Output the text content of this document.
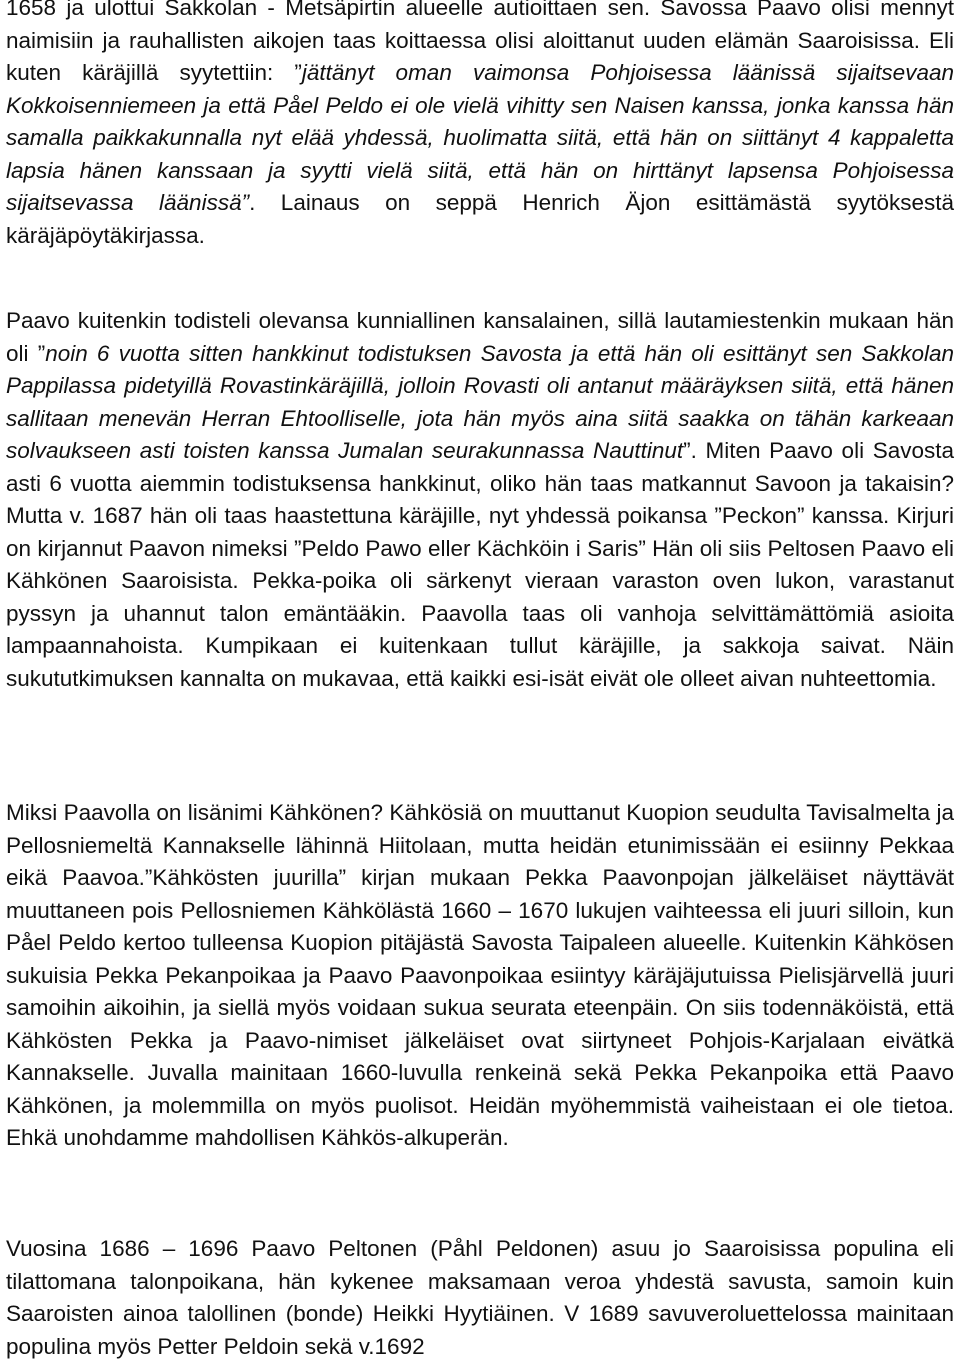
1658 ja ulottui Sakkolan - Metsäpirtin alueelle autioittaen sen. Savossa Paavo olisi mennyt naimisiin ja rauhallisten aikojen taas koittaessa olisi aloittanut uuden elämän Saaroisissa. Eli kuten käräjillä syytettiin: ”jättänyt oman vaimonsa Pohjoisessa läänissä sijaitsevaan Kokkoisenniemeen ja että Påel Peldo ei ole vielä vihitty sen Naisen kanssa, jonka kanssa hän samalla paikkakunnalla nyt elää yhdessä, huolimatta siitä, että hän on siittänyt 4 kappaletta lapsia hänen kanssaan ja syytti vielä siitä, että hän on hirttänyt lapsensa Pohjoisessa sijaitsevassa läänissä”. Lainaus on seppä Henrich Äjon esittämästä syytöksestä käräjäpöytäkirjassa.

Paavo kuitenkin todisteli olevansa kunniallinen kansalainen, sillä lautamiestenkin mukaan hän oli ”noin 6 vuotta sitten hankkinut todistuksen Savosta ja että hän oli esittänyt sen Sakkolan Pappilassa pidetyillä Rovastinkäräjillä, jolloin Rovasti oli antanut määräyksen siitä, että hänen sallitaan menevän Herran Ehtoolliselle, jota hän myös aina siitä saakka on tähän karkeaan solvaukseen asti toisten kanssa Jumalan seurakunnassa Nauttinut”. Miten Paavo oli Savosta asti 6 vuotta aiemmin todistuksensa hankkinut, oliko hän taas matkannut Savoon ja takaisin? Mutta v. 1687 hän oli taas haastettuna käräjille, nyt yhdessä poikansa ”Peckon” kanssa. Kirjuri on kirjannut Paavon nimeksi ”Peldo Pawo eller Kächköin i Saris” Hän oli siis Peltosen Paavo eli Kähkönen Saaroisista. Pekka-poika oli särkenyt vieraan varaston oven lukon, varastanut pyssyn ja uhannut talon emäntääkin. Paavolla taas oli vanhoja selvittämättömiä asioita lampaannahoista. Kumpikaan ei kuitenkaan tullut käräjille, ja sakkoja saivat. Näin sukututkimuksen kannalta on mukavaa, että kaikki esi-isät eivät ole olleet aivan nuhteettomia.

Miksi Paavolla on lisänimi Kähkönen? Kähkösiä on muuttanut Kuopion seudulta Tavisalmelta ja Pellosniemeltä Kannakselle lähinnä Hiitolaan, mutta heidän etunimissään ei esiinny Pekkaa eikä Paavoa.”Kähkösten juurilla” kirjan mukaan Pekka Paavonpojan jälkeläiset näyttävät muuttaneen pois Pellosniemen Kähkölästä 1660 – 1670 lukujen vaihteessa eli juuri silloin, kun Påel Peldo kertoo tulleensa Kuopion pitäjästä Savosta Taipaleen alueelle. Kuitenkin Kähkösen sukuisia Pekka Pekanpoikaa ja Paavo Paavonpoikaa esiintyy käräjäjutuissa Pielisjärvellä juuri samoihin aikoihin, ja siellä myös voidaan sukua seurata eteenpäin. On siis todennäköistä, että Kähkösten Pekka ja Paavo-nimiset jälkeläiset ovat siirtyneet Pohjois-Karjalaan eivätkä Kannakselle. Juvalla mainitaan 1660-luvulla renkeinä sekä Pekka Pekanpoika että Paavo Kähkönen, ja molemmilla on myös puolisot. Heidän myöhemmistä vaiheistaan ei ole tietoa. Ehkä unohdamme mahdollisen Kähkös-alkuperän.

Vuosina 1686 – 1696 Paavo Peltonen (Påhl Peldonen) asuu jo Saaroisissa populina eli tilattomana talonpoikana, hän kykenee maksamaan veroa yhdestä savusta, samoin kuin Saaroisten ainoa talollinen (bonde) Heikki Hyytiäinen. V 1689 savuveroluettelossa mainitaan populina myös Petter Peldoin sekä v.1692
